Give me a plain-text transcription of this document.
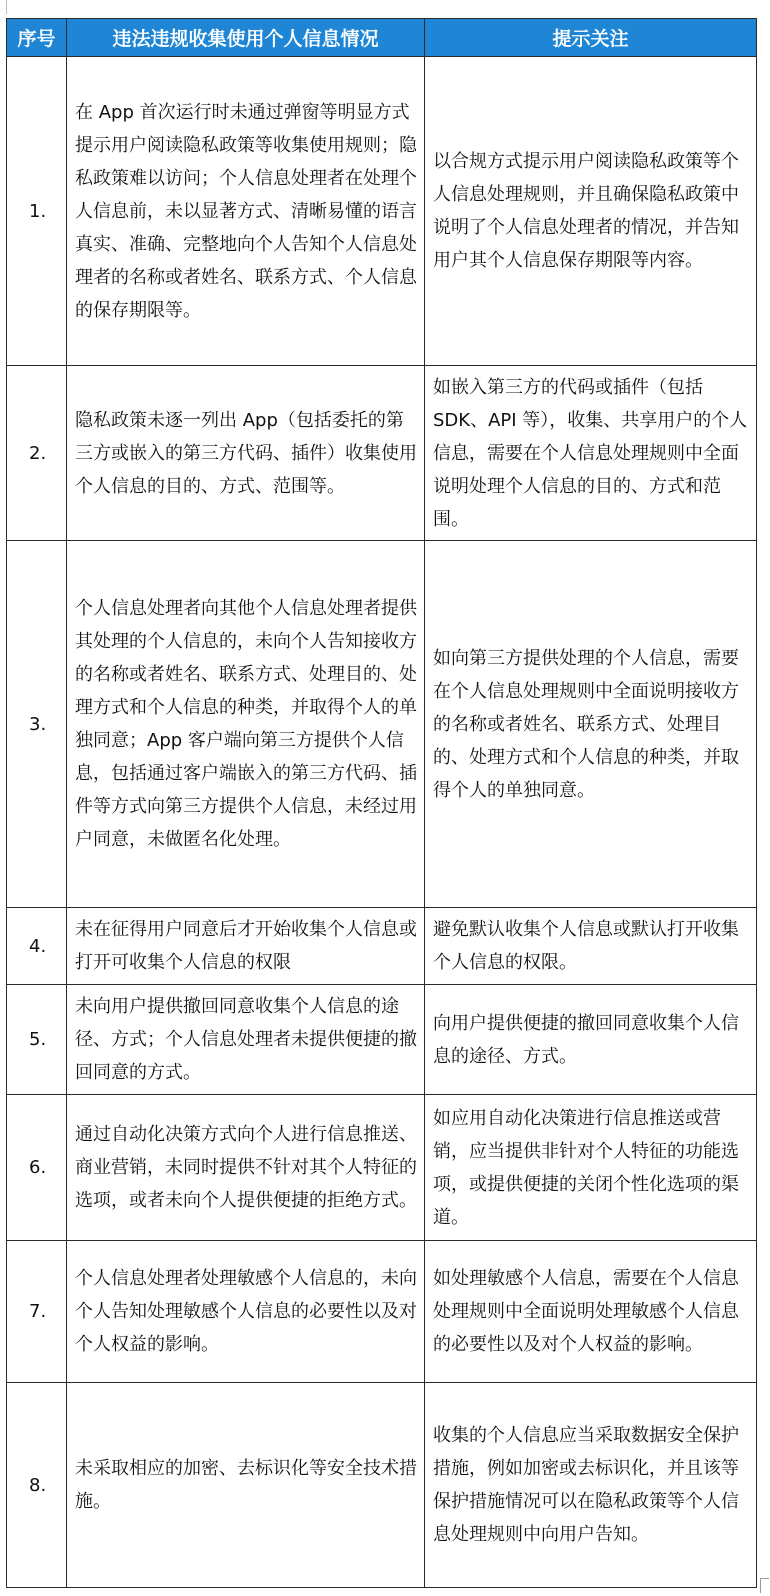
序号	违法违规收集使用个人信息情况	提示关注
1.	在 App 首次运行时未通过弹窗等明显方式提示用户阅读隐私政策等收集使用规则；隐私政策难以访问；个人信息处理者在处理个人信息前，未以显著方式、清晰易懂的语言真实、准确、完整地向个人告知个人信息处理者的名称或者姓名、联系方式、个人信息的保存期限等。	以合规方式提示用户阅读隐私政策等个人信息处理规则，并且确保隐私政策中说明了个人信息处理者的情况，并告知用户其个人信息保存期限等内容。
2.	隐私政策未逐一列出 App（包括委托的第三方或嵌入的第三方代码、插件）收集使用个人信息的目的、方式、范围等。	如嵌入第三方的代码或插件（包括 SDK、API 等），收集、共享用户的个人信息，需要在个人信息处理规则中全面说明处理个人信息的目的、方式和范围。
3.	个人信息处理者向其他个人信息处理者提供其处理的个人信息的，未向个人告知接收方的名称或者姓名、联系方式、处理目的、处理方式和个人信息的种类，并取得个人的单独同意；App 客户端向第三方提供个人信息，包括通过客户端嵌入的第三方代码、插件等方式向第三方提供个人信息，未经过用户同意，未做匿名化处理。	如向第三方提供处理的个人信息，需要在个人信息处理规则中全面说明接收方的名称或者姓名、联系方式、处理目的、处理方式和个人信息的种类，并取得个人的单独同意。
4.	未在征得用户同意后才开始收集个人信息或打开可收集个人信息的权限	避免默认收集个人信息或默认打开收集个人信息的权限。
5.	未向用户提供撤回同意收集个人信息的途径、方式；个人信息处理者未提供便捷的撤回同意的方式。	向用户提供便捷的撤回同意收集个人信息的途径、方式。
6.	通过自动化决策方式向个人进行信息推送、商业营销，未同时提供不针对其个人特征的选项，或者未向个人提供便捷的拒绝方式。	如应用自动化决策进行信息推送或营销，应当提供非针对个人特征的功能选项，或提供便捷的关闭个性化选项的渠道。
7.	个人信息处理者处理敏感个人信息的，未向个人告知处理敏感个人信息的必要性以及对个人权益的影响。	如处理敏感个人信息，需要在个人信息处理规则中全面说明处理敏感个人信息的必要性以及对个人权益的影响。
8.	未采取相应的加密、去标识化等安全技术措施。	收集的个人信息应当采取数据安全保护措施，例如加密或去标识化，并且该等保护措施情况可以在隐私政策等个人信息处理规则中向用户告知。
